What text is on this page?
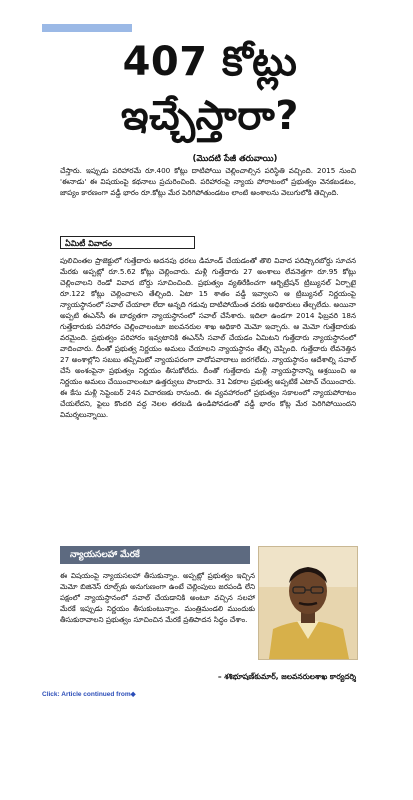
407 కోట్లు
ఇచ్చేస్తారా?
(మొదటి పేజీ తరువాయి)

చేస్తారు. ఇప్పుడు పరిహారమే రూ.400 కోట్లు దాటిపోయి చెల్లించాల్సిన పరిస్థితి వచ్చింది. 2015 నుంచి 'ఈనాడు' ఈ విషయంపై కథనాలు ప్రచురించింది. పరిహారంపై న్యాయ పోరాటంలో ప్రభుత్వం వెనకబడటం, జాప్యం కారణంగా వడ్డీ భారం రూ.కోట్లు మేర పెరిగిపోతుండటం లాంటి అంశాలను వెలుగులోకి తెచ్చింది.

ఏమిటీ వివాదం

పులిచింతల ప్రాజెక్టులో గుత్తేదారు అదనపు ధరలు డిమాండ్ చేయడంతో తొలి వివాద పరిష్కారబోర్డు సూచన మేరకు అప్పట్లో రూ.5.62 కోట్లు చెల్లించారు. మళ్లీ గుత్తేదారు 27 అంశాలు లేవనెత్తగా రూ.95 కోట్లు చెల్లించాలని రెండో వివాద బోర్డు సూచించింది. ప్రభుత్వం వ్యతిరేకించగా ఆర్బిట్రేషన్ ట్రిబ్యునల్ ఏర్పాటై రూ.122 కోట్లు చెల్లించాలని తేల్చింది. ఏటా 15 శాతం వడ్డీ ఇవ్వాలని ఆ ట్రిబ్యునల్ నిర్ణయంపై న్యాయస్థానంలో సవాల్ చేయాలా లేదా అన్నది గడువు దాటిపోయేంత వరకు అధికారులు తేల్చలేదు. అయినా అప్పటి ఈఎన్‌సీ ఈ బాధ్యతగా న్యాయస్థానంలో సవాల్ చేసేశారు. ఇదిలా ఉండగా 2014 ఫిబ్రవరి 18న గుత్తేదారుకు పరిహారం చెల్లించాలంటూ జలవనరుల శాఖ అధికారి మెమో ఇచ్చారు. ఆ మెమో గుత్తేదారుకు వరమైంది. ప్రభుత్వం పరిహారం ఇవ్వటానికి ఈఎన్‌సీ సవాల్ చేయడం ఏమిటని గుత్తేదారు న్యాయస్థానంలో వాదించారు. దీంతో ప్రభుత్వ నిర్ణయం అమలు చేయాలని న్యాయస్థానం తేల్చి చెప్పింది. గుత్తేదారు లేవనెత్తిన 27 అంశాల్లోని సబబు తప్పేమిటో న్యాయపరంగా వాదోపవాదాలు జరగలేదు. న్యాయస్థానం ఆదేశాల్ని సవాల్ చేసే అంశంపైనా ప్రభుత్వం నిర్ణయం తీసుకోలేదు. దీంతో గుత్తేదారు మళ్లీ న్యాయస్థానాన్ని ఆశ్రయించి ఆ నిర్ణయం అమలు చేయించాలంటూ ఉత్తర్వులు పొందారు. 31 ఏకరాల ప్రభుత్వ అప్పటికే ఎటాచ్ చేయించారు. ఈ కేసు మళ్లీ సెప్టెంబర్ 24న విచారణకు రానుంది. ఈ వ్యవహారంలో ప్రభుత్వం సకాలంలో న్యాయపోరాటం చేయలేదని, ఫైలు కొందరి వద్ద నెలల తరబడి ఉండిపోవడంతో వడ్డీ భారం కోట్ల మేర పెరిగిపోయిందని విమర్శలున్నాయి.

న్యాయసలహా మేరకే

ఈ విషయంపై న్యాయసలహా తీసుకున్నాం. అప్పట్లో ప్రభుత్వం ఇచ్చిన మెమో బిజినెస్ రూల్స్‌కు అనుగుణంగా ఉంటే చెల్లింపులు జరపండి లేని పక్షంలో న్యాయస్థానంలో సవాల్ చేయడానికి అంటూ వచ్చిన సలహా మేరకే ఇప్పుడు నిర్ణయం తీసుకుంటున్నాం. మంత్రిమండలి ముందుకు తీసుకురావాలని ప్రభుత్వం సూచించిన మేరకే ప్రతిపాదన సిద్ధం చేశాం.

– శశిభూషణ్‌కుమార్, జలవనరులశాఖ కార్యదర్శి
Click: Article continued from◆
